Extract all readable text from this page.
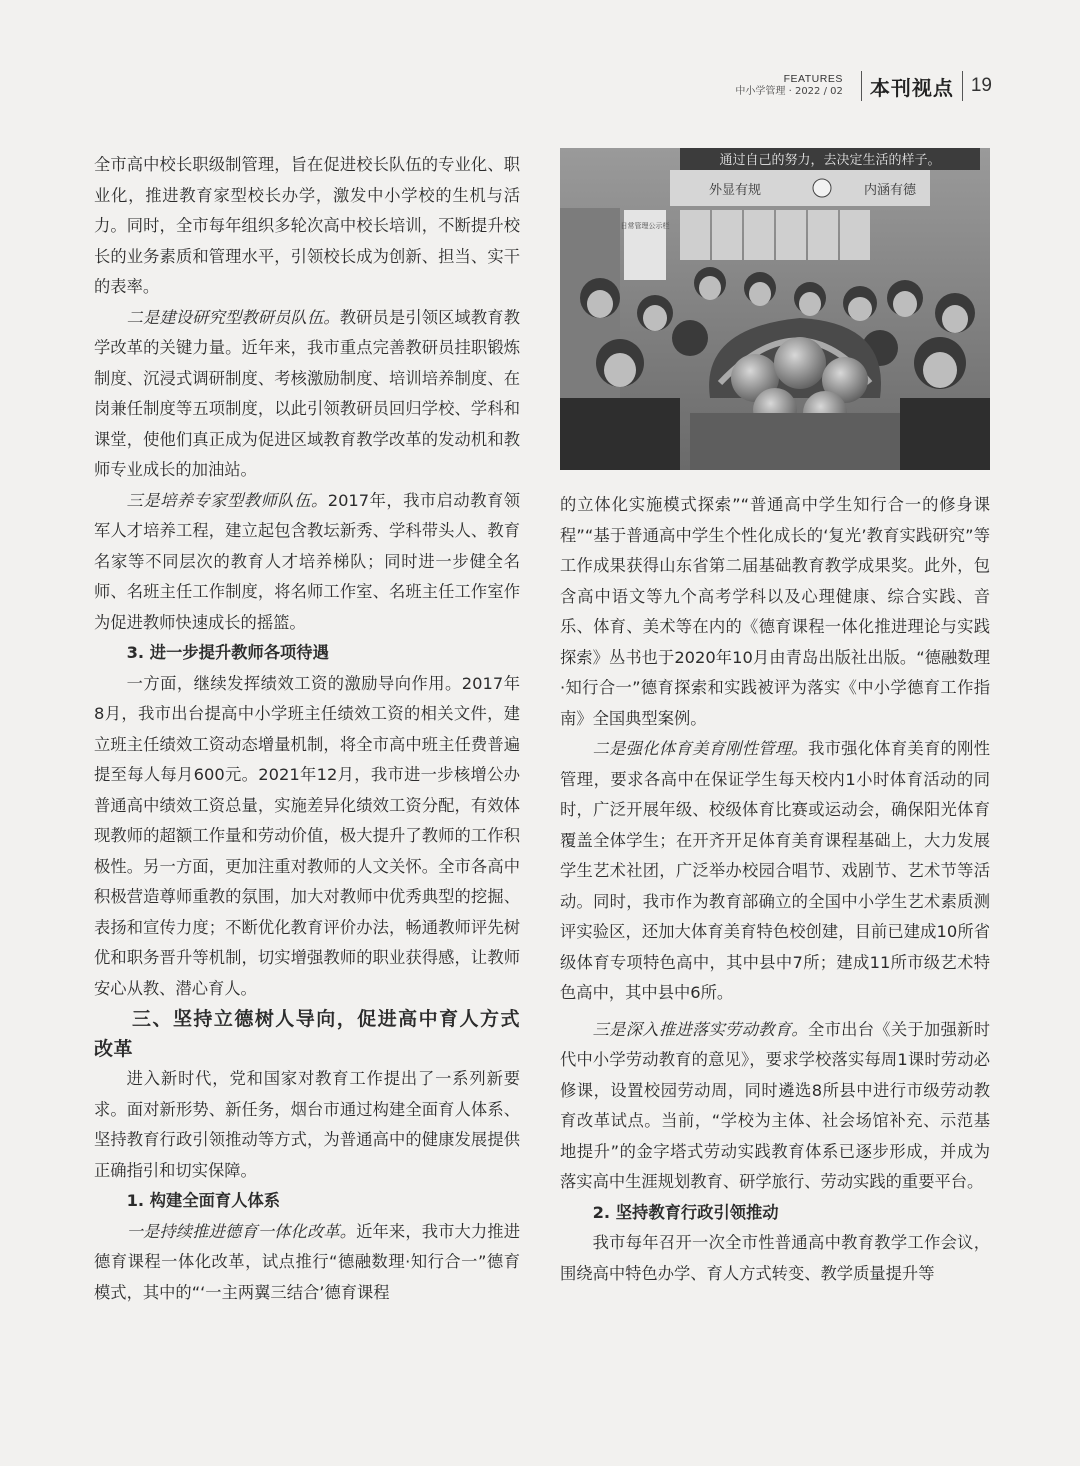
FEATURES
中小学管理 · 2022 / 02 本刊视点 19

全市高中校长职级制管理，旨在促进校长队伍的专业化、职业化，推进教育家型校长办学，激发中小学校的生机与活力。同时，全市每年组织多轮次高中校长培训，不断提升校长的业务素质和管理水平，引领校长成为创新、担当、实干的表率。

二是建设研究型教研员队伍。教研员是引领区域教育教学改革的关键力量。近年来，我市重点完善教研员挂职锻炼制度、沉浸式调研制度、考核激励制度、培训培养制度、在岗兼任制度等五项制度，以此引领教研员回归学校、学科和课堂，使他们真正成为促进区域教育教学改革的发动机和教师专业成长的加油站。

三是培养专家型教师队伍。2017年，我市启动教育领军人才培养工程，建立起包含教坛新秀、学科带头人、教育名家等不同层次的教育人才培养梯队；同时进一步健全名师、名班主任工作制度，将名师工作室、名班主任工作室作为促进教师快速成长的摇篮。

3. 进一步提升教师各项待遇

一方面，继续发挥绩效工资的激励导向作用。2017年8月，我市出台提高中小学班主任绩效工资的相关文件，建立班主任绩效工资动态增量机制，将全市高中班主任费普遍提至每人每月600元。2021年12月，我市进一步核增公办普通高中绩效工资总量，实施差异化绩效工资分配，有效体现教师的超额工作量和劳动价值，极大提升了教师的工作积极性。另一方面，更加注重对教师的人文关怀。全市各高中积极营造尊师重教的氛围，加大对教师中优秀典型的挖掘、表扬和宣传力度；不断优化教育评价办法，畅通教师评先树优和职务晋升等机制，切实增强教师的职业获得感，让教师安心从教、潜心育人。

三、坚持立德树人导向，促进高中育人方式改革

进入新时代，党和国家对教育工作提出了一系列新要求。面对新形势、新任务，烟台市通过构建全面育人体系、坚持教育行政引领推动等方式，为普通高中的健康发展提供正确指引和切实保障。

1. 构建全面育人体系

一是持续推进德育一体化改革。近年来，我市大力推进德育课程一体化改革，试点推行“德融数理·知行合一”德育模式，其中的“‘一主两翼三结合’德育课程

通过自己的努力，去决定生活的样子。
外显有规	内涵有德
日常管理公示栏

的立体化实施模式探索”“普通高中学生知行合一的修身课程”“基于普通高中学生个性化成长的‘复光’教育实践研究”等工作成果获得山东省第二届基础教育教学成果奖。此外，包含高中语文等九个高考学科以及心理健康、综合实践、音乐、体育、美术等在内的《德育课程一体化推进理论与实践探索》丛书也于2020年10月由青岛出版社出版。“德融数理·知行合一”德育探索和实践被评为落实《中小学德育工作指南》全国典型案例。

二是强化体育美育刚性管理。我市强化体育美育的刚性管理，要求各高中在保证学生每天校内1小时体育活动的同时，广泛开展年级、校级体育比赛或运动会，确保阳光体育覆盖全体学生；在开齐开足体育美育课程基础上，大力发展学生艺术社团，广泛举办校园合唱节、戏剧节、艺术节等活动。同时，我市作为教育部确立的全国中小学生艺术素质测评实验区，还加大体育美育特色校创建，目前已建成10所省级体育专项特色高中，其中县中7所；建成11所市级艺术特色高中，其中县中6所。

三是深入推进落实劳动教育。全市出台《关于加强新时代中小学劳动教育的意见》，要求学校落实每周1课时劳动必修课，设置校园劳动周，同时遴选8所县中进行市级劳动教育改革试点。当前，“学校为主体、社会场馆补充、示范基地提升”的金字塔式劳动实践教育体系已逐步形成，并成为落实高中生涯规划教育、研学旅行、劳动实践的重要平台。

2. 坚持教育行政引领推动

我市每年召开一次全市性普通高中教育教学工作会议，围绕高中特色办学、育人方式转变、教学质量提升等
